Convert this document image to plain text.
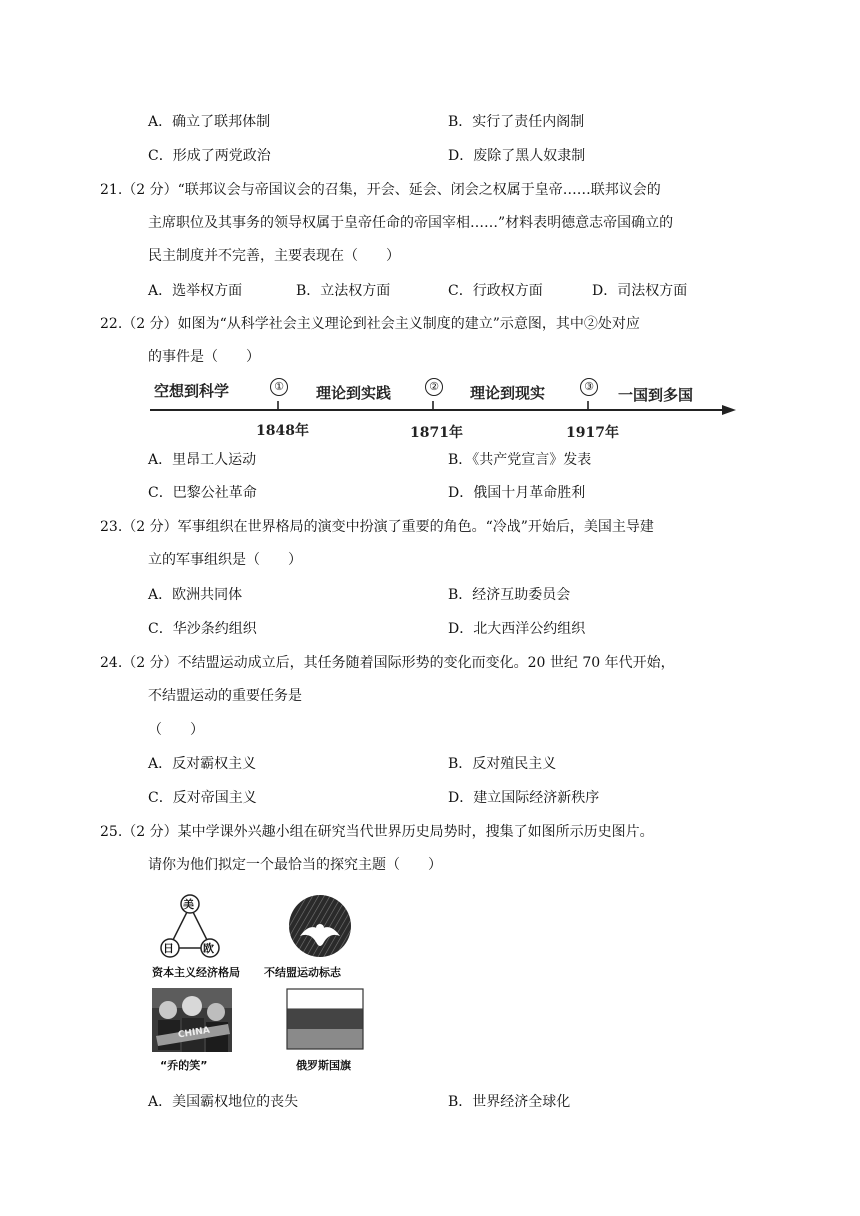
A．确立了联邦体制	B．实行了责任内阁制
C．形成了两党政治	D．废除了黑人奴隶制
21.（2 分）“联邦议会与帝国议会的召集，开会、延会、闭会之权属于皇帝……联邦议会的
主席职位及其事务的领导权属于皇帝任命的帝国宰相……”材料表明德意志帝国确立的
民主制度并不完善，主要表现在（　　）
A．选举权方面	B．立法权方面	C．行政权方面	D．司法权方面
22.（2 分）如图为“从科学社会主义理论到社会主义制度的建立”示意图，其中②处对应
的事件是（　　）
空想到科学	理论到实践	理论到现实	一国到多国
①	②	③
1848年	1871年	1917年
A．里昂工人运动	B．《共产党宣言》发表
C．巴黎公社革命	D．俄国十月革命胜利
23.（2 分）军事组织在世界格局的演变中扮演了重要的角色。“冷战”开始后，美国主导建
立的军事组织是（　　）
A．欧洲共同体	B．经济互助委员会
C．华沙条约组织	D．北大西洋公约组织
24.（2 分）不结盟运动成立后，其任务随着国际形势的变化而变化。20 世纪 70 年代开始，
不结盟运动的重要任务是
（　　）
A．反对霸权主义	B．反对殖民主义
C．反对帝国主义	D．建立国际经济新秩序
25.（2 分）某中学课外兴趣小组在研究当代世界历史局势时，搜集了如图所示历史图片。
请你为他们拟定一个最恰当的探究主题（　　）
美
日	欧
资本主义经济格局 不结盟运动标志
CHINA
“乔的笑”	俄罗斯国旗
A．美国霸权地位的丧失	B．世界经济全球化
